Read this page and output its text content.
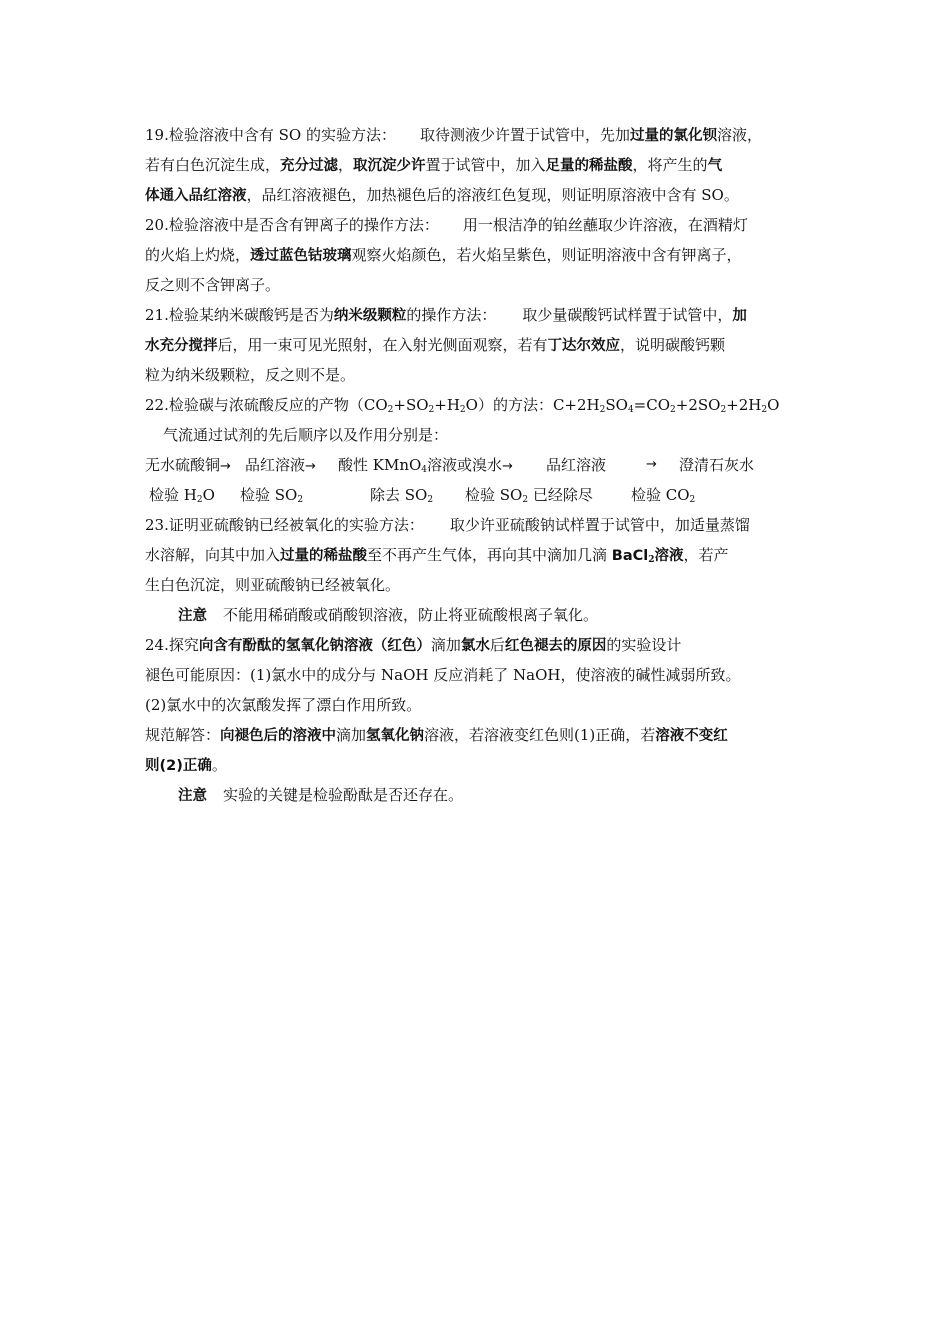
19.检验溶液中含有 SO 的实验方法： 取待测液少许置于试管中，先加过量的氯化钡溶液，
若有白色沉淀生成，充分过滤，取沉淀少许置于试管中，加入足量的稀盐酸，将产生的气
体通入品红溶液，品红溶液褪色，加热褪色后的溶液红色复现，则证明原溶液中含有 SO。
20.检验溶液中是否含有钾离子的操作方法： 用一根洁净的铂丝蘸取少许溶液，在酒精灯
的火焰上灼烧，透过蓝色钴玻璃观察火焰颜色，若火焰呈紫色，则证明溶液中含有钾离子，
反之则不含钾离子。
21.检验某纳米碳酸钙是否为纳米级颗粒的操作方法： 取少量碳酸钙试样置于试管中，加
水充分搅拌后，用一束可见光照射，在入射光侧面观察，若有丁达尔效应，说明碳酸钙颗
粒为纳米级颗粒，反之则不是。
22.检验碳与浓硫酸反应的产物$(CO_2+SO_2+H_2O)$的方法：$C+2H_2SO_4=CO_2+2SO_2+2H_2O$
气流通过试剂的先后顺序以及作用分别是：
无水硫酸铜→ 品红溶液→ 酸性 KMnO$_4$溶液或溴水→ 品红溶液	→ 澄清石灰水
检验 $H_2O$ 检验 $SO_2$	除去 $SO_2$ 检验 $SO_2$ 已经除尽	检验 $CO_2$
23.证明亚硫酸钠已经被氧化的实验方法： 取少许亚硫酸钠试样置于试管中，加适量蒸馏
水溶解，向其中加入过量的稀盐酸至不再产生气体，再向其中滴加几滴 BaCl$_2$溶液，若产
生白色沉淀，则亚硫酸钠已经被氧化。
注意 不能用稀硝酸或硝酸钡溶液，防止将亚硫酸根离子氧化。
24.探究向含有酚酞的氢氧化钠溶液（红色）滴加氯水后红色褪去的原因的实验设计
褪色可能原因：(1)氯水中的成分与 NaOH 反应消耗了 NaOH，使溶液的碱性减弱所致。
(2)氯水中的次氯酸发挥了漂白作用所致。
规范解答：向褪色后的溶液中滴加氢氧化钠溶液，若溶液变红色则(1)正确，若溶液不变红
则(2)正确。
注意 实验的关键是检验酚酞是否还存在。
